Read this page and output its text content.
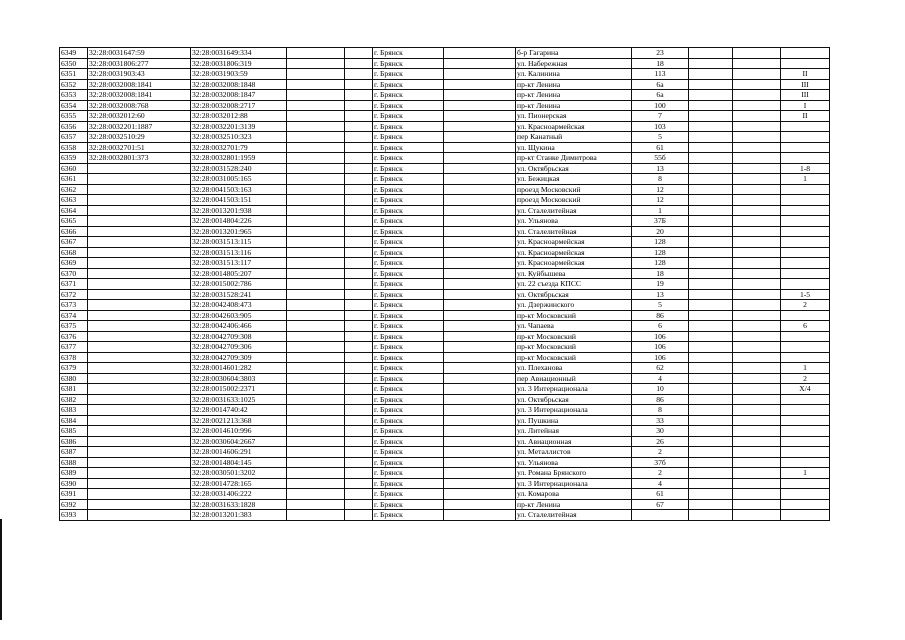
6349	32:28:0031647:59	32:28:0031649:334			г. Брянск		б-р Гагарина	23			
6350	32:28:0031806:277	32:28:0031806:319			г. Брянск		ул. Набережная	18			
6351	32:28:0031903:43	32:28:0031903:59			г. Брянск		ул. Калинина	113			II
6352	32:28:0032008:1841	32:28:0032008:1848			г. Брянск		пр-кт Ленина	6а			III
6353	32:28:0032008:1841	32:28:0032008:1847			г. Брянск		пр-кт Ленина	6а			III
6354	32:28:0032008:768	32:28:0032008:2717			г. Брянск		пр-кт Ленина	100			I
6355	32:28:0032012:60	32:28:0032012:88			г. Брянск		ул. Пионерская	7			II
6356	32:28:0032201:1887	32:28:0032201:3139			г. Брянск		ул. Красноармейская	103			
6357	32:28:0032510:29	32:28:0032510:323			г. Брянск		пер Канатный	5			
6358	32:28:0032701:51	32:28:0032701:79			г. Брянск		ул. Щукина	61			
6359	32:28:0032801:373	32:28:0032801:1959			г. Брянск		пр-кт Станке Димитрова	55б			
6360		32:28:0031528:240			г. Брянск		ул. Октябрьская	13			1-8
6361		32:28:0031005:165			г. Брянск		ул. Бежицкая	8			1
6362		32:28:0041503:163			г. Брянск		проезд Московский	12			
6363		32:28:0041503:151			г. Брянск		проезд Московский	12			
6364		32:28:0013201:938			г. Брянск		ул. Сталелитейная	1			
6365		32:28:0014804:226			г. Брянск		ул. Ульянова	37Б			
6366		32:28:0013201:965			г. Брянск		ул. Сталелитейная	20			
6367		32:28:0031513:115			г. Брянск		ул. Красноармейская	128			
6368		32:28:0031513:116			г. Брянск		ул. Красноармейская	128			
6369		32:28:0031513:117			г. Брянск		ул. Красноармейская	128			
6370		32:28:0014805:207			г. Брянск		ул. Куйбышева	18			
6371		32:28:0015002:786			г. Брянск		ул. 22 съезда КПСС	19			
6372		32:28:0031528:241			г. Брянск		ул. Октябрьская	13			1-5
6373		32:28:0042408:473			г. Брянск		ул. Дзержинского	5			2
6374		32:28:0042603:905			г. Брянск		пр-кт Московский	86			
6375		32:28:0042406:466			г. Брянск		ул. Чапаева	6			6
6376		32:28:0042709:308			г. Брянск		пр-кт Московский	106			
6377		32:28:0042709:306			г. Брянск		пр-кт Московский	106			
6378		32:28:0042709:309			г. Брянск		пр-кт Московский	106			
6379		32:28:0014601:282			г. Брянск		ул. Плеханова	62			1
6380		32:28:0030604:3803			г. Брянск		пер Авиационный	4			2
6381		32:28:0015002:2371			г. Брянск		ул. 3 Интернационала	10			X/4
6382		32:28:0031633:1025			г. Брянск		ул. Октябрьская	86			
6383		32:28:0014740:42			г. Брянск		ул. 3 Интернационала	8			
6384		32:28:0021213:368			г. Брянск		ул. Пушкина	33			
6385		32:28:0014610:996			г. Брянск		ул. Литейная	30			
6386		32:28:0030604:2667			г. Брянск		ул. Авиационная	26			
6387		32:28:0014606:291			г. Брянск		ул. Металлистов	2			
6388		32:28:0014804:145			г. Брянск		ул. Ульянова	37б			
6389		32:28:0030501:3202			г. Брянск		ул. Романа Брянского	2			1
6390		32:28:0014728:165			г. Брянск		ул. 3 Интернационала	4			
6391		32:28:0031406:222			г. Брянск		ул. Комарова	61			
6392		32:28:0031633:1828			г. Брянск		пр-кт Ленина	67			
6393		32:28:0013201:383			г. Брянск		ул. Сталелитейная				
